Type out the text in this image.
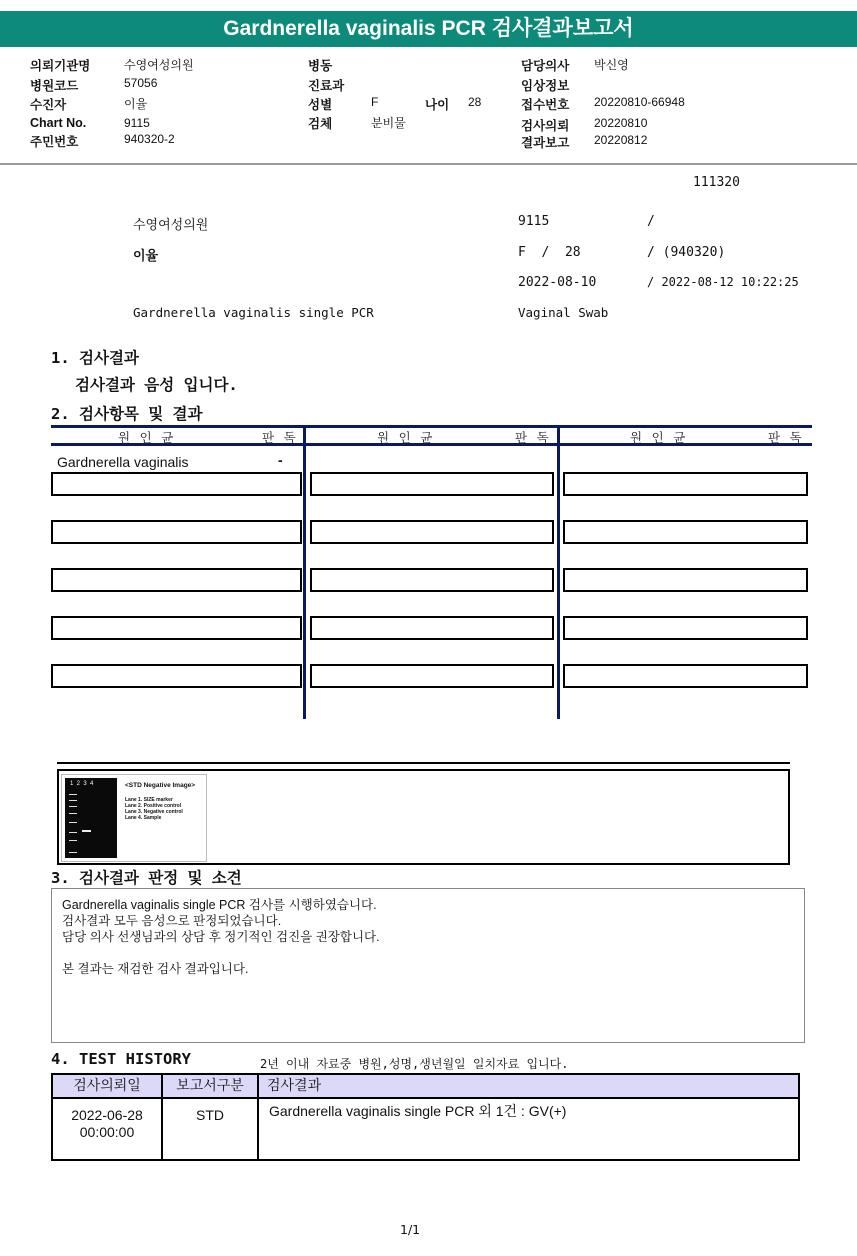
Gardnerella vaginalis PCR 검사결과보고서
의뢰기관명	수영여성의원
병원코드	57056
수진자	이율
Chart No.	9115
주민번호	940320-2
병동
진료과
성별	F	나이 28
검체	분비물
담당의사 박신영
임상정보
접수번호 20220810-66948
검사의뢰 20220810
결과보고 20220812
111320
수영여성의원	9115	/
이율	F  /  28	/ (940320)
2022-08-10	/ 2022-08-12 10:22:25
Gardnerella vaginalis single PCR	Vaginal Swab
1. 검사결과
검사결과 음성 입니다.
2. 검사항목 및 결과
원 인 균	판 독	원 인 균	판 독	원 인 균	판 독
Gardnerella vaginalis	-
1  2  3  4	<STD Negative Image>
Lane 1. SIZE marker
Lane 2. Positive control
Lane 3. Negative control
Lane 4. Sample
3. 검사결과 판정 및 소견
Gardnerella vaginalis single PCR 검사를 시행하였습니다.
검사결과 모두 음성으로 판정되었습니다.
담당 의사 선생님과의 상담 후 정기적인 검진을 권장합니다.
본 결과는 재검한 검사 결과입니다.
4. TEST HISTORY	2년 이내 자료중 병원,성명,생년월일 일치자료 입니다.
검사의뢰일	보고서구분	검사결과
2022-06-28
00:00:00
STD	Gardnerella vaginalis single PCR 외 1건 : GV(+)
1/1
